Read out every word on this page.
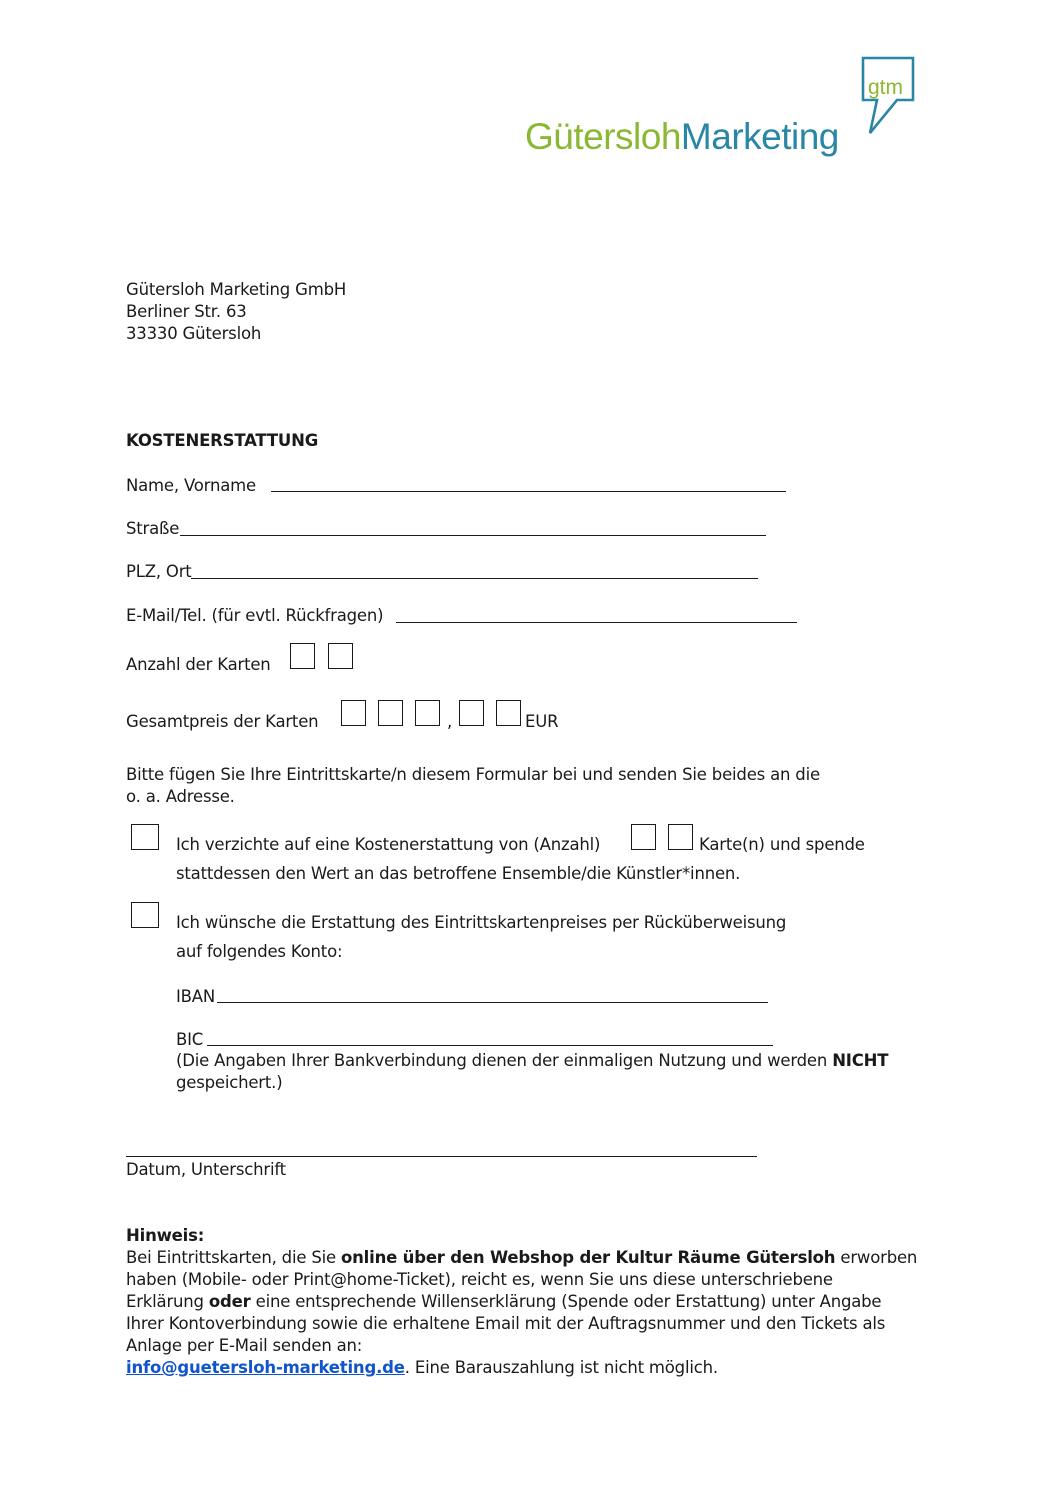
gtm
GüterslohMarketing
Gütersloh Marketing GmbH
Berliner Str. 63
33330 Gütersloh
KOSTENERSTATTUNG
Name, Vorname
Straße
PLZ, Ort
E-Mail/Tel. (für evtl. Rückfragen)
Anzahl der Karten
Gesamtpreis der Karten	,	EUR
Bitte fügen Sie Ihre Eintrittskarte/n diesem Formular bei und senden Sie beides an die
o. a. Adresse.
Ich verzichte auf eine Kostenerstattung von (Anzahl)	Karte(n) und spende
stattdessen den Wert an das betroffene Ensemble/die Künstler*innen.
Ich wünsche die Erstattung des Eintrittskartenpreises per Rücküberweisung
auf folgendes Konto:
IBAN
BIC
(Die Angaben Ihrer Bankverbindung dienen der einmaligen Nutzung und werden NICHT
gespeichert.)
Datum, Unterschrift
Hinweis:
Bei Eintrittskarten, die Sie online über den Webshop der Kultur Räume Gütersloh erworben
haben (Mobile- oder Print@home-Ticket), reicht es, wenn Sie uns diese unterschriebene
Erklärung oder eine entsprechende Willenserklärung (Spende oder Erstattung) unter Angabe
Ihrer Kontoverbindung sowie die erhaltene Email mit der Auftragsnummer und den Tickets als
Anlage per E-Mail senden an:
info@guetersloh-marketing.de. Eine Barauszahlung ist nicht möglich.
